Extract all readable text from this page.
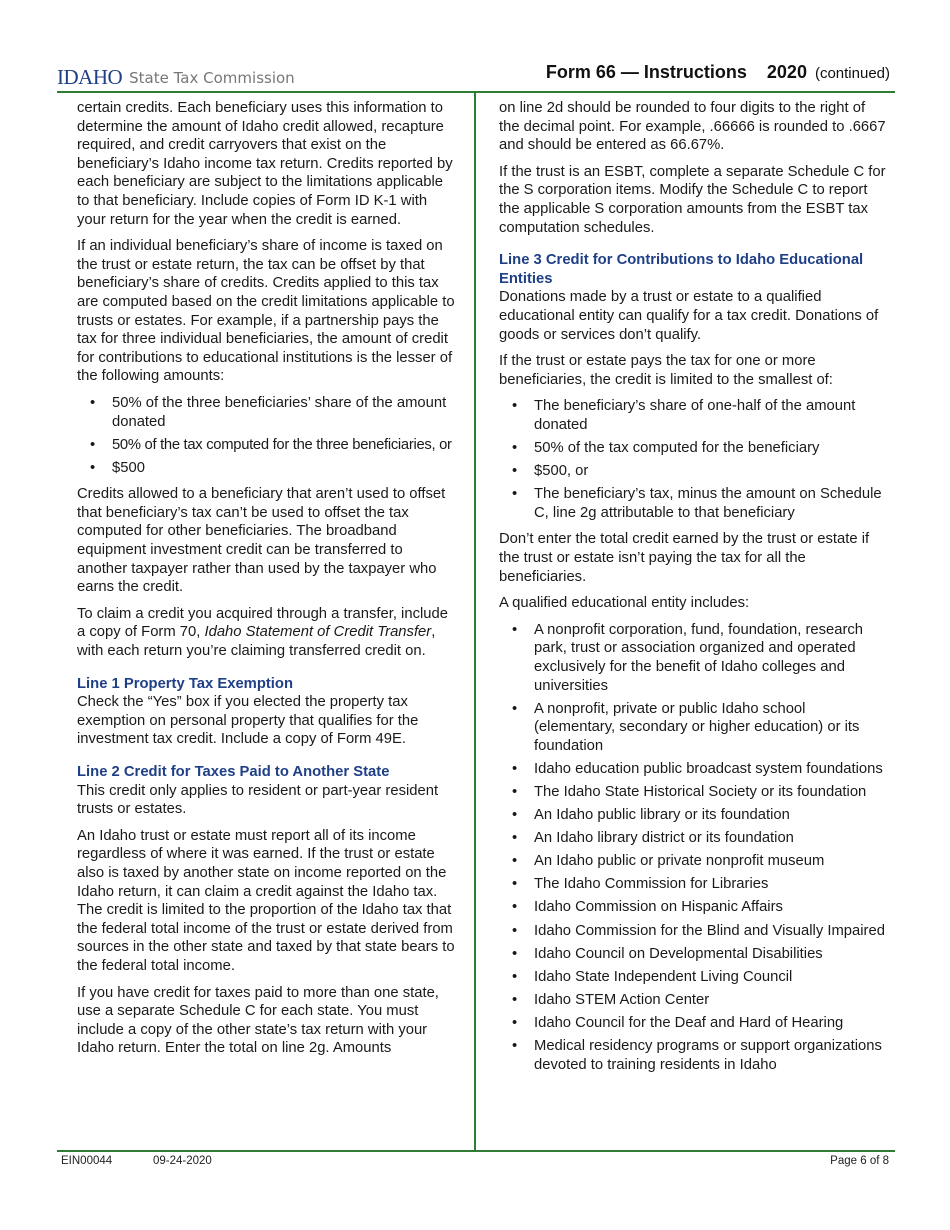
IDAHO State Tax Commission	Form 66 — Instructions 2020 (continued)

certain credits. Each beneficiary uses this information to determine the amount of Idaho credit allowed, recapture required, and credit carryovers that exist on the beneficiary’s Idaho income tax return. Credits reported by each beneficiary are subject to the limitations applicable to that beneficiary. Include copies of Form ID K-1 with your return for the year when the credit is earned.

If an individual beneficiary’s share of income is taxed on the trust or estate return, the tax can be offset by that beneficiary’s share of credits. Credits applied to this tax are computed based on the credit limitations applicable to trusts or estates. For example, if a partnership pays the tax for three individual beneficiaries, the amount of credit for contributions to educational institutions is the lesser of the following amounts:

• 50% of the three beneficiaries’ share of the amount donated
• 50% of the tax computed for the three beneficiaries, or
• $500

Credits allowed to a beneficiary that aren’t used to offset that beneficiary’s tax can’t be used to offset the tax computed for other beneficiaries. The broadband equipment investment credit can be transferred to another taxpayer rather than used by the taxpayer who earns the credit.

To claim a credit you acquired through a transfer, include a copy of Form 70, Idaho Statement of Credit Transfer, with each return you’re claiming transferred credit on.

Line 1 Property Tax Exemption

Check the “Yes” box if you elected the property tax exemption on personal property that qualifies for the investment tax credit. Include a copy of Form 49E.

Line 2 Credit for Taxes Paid to Another State

This credit only applies to resident or part-year resident trusts or estates.

An Idaho trust or estate must report all of its income regardless of where it was earned. If the trust or estate also is taxed by another state on income reported on the Idaho return, it can claim a credit against the Idaho tax. The credit is limited to the proportion of the Idaho tax that the federal total income of the trust or estate derived from sources in the other state and taxed by that state bears to the federal total income.

If you have credit for taxes paid to more than one state, use a separate Schedule C for each state. You must include a copy of the other state’s tax return with your Idaho return. Enter the total on line 2g. Amounts

on line 2d should be rounded to four digits to the right of the decimal point. For example, .66666 is rounded to .6667 and should be entered as 66.67%.

If the trust is an ESBT, complete a separate Schedule C for the S corporation items. Modify the Schedule C to report the applicable S corporation amounts from the ESBT tax computation schedules.

Line 3 Credit for Contributions to Idaho Educational Entities

Donations made by a trust or estate to a qualified educational entity can qualify for a tax credit. Donations of goods or services don’t qualify.

If the trust or estate pays the tax for one or more beneficiaries, the credit is limited to the smallest of:

• The beneficiary’s share of one-half of the amount donated
• 50% of the tax computed for the beneficiary
• $500, or
• The beneficiary’s tax, minus the amount on Schedule C, line 2g attributable to that beneficiary

Don’t enter the total credit earned by the trust or estate if the trust or estate isn’t paying the tax for all the beneficiaries.

A qualified educational entity includes:

• A nonprofit corporation, fund, foundation, research park, trust or association organized and operated exclusively for the benefit of Idaho colleges and universities
• A nonprofit, private or public Idaho school (elementary, secondary or higher education) or its foundation
• Idaho education public broadcast system foundations
• The Idaho State Historical Society or its foundation
• An Idaho public library or its foundation
• An Idaho library district or its foundation
• An Idaho public or private nonprofit museum
• The Idaho Commission for Libraries
• Idaho Commission on Hispanic Affairs
• Idaho Commission for the Blind and Visually Impaired
• Idaho Council on Developmental Disabilities
• Idaho State Independent Living Council
• Idaho STEM Action Center
• Idaho Council for the Deaf and Hard of Hearing
• Medical residency programs or support organizations devoted to training residents in Idaho
EIN00044	09-24-2020	Page 6 of 8
